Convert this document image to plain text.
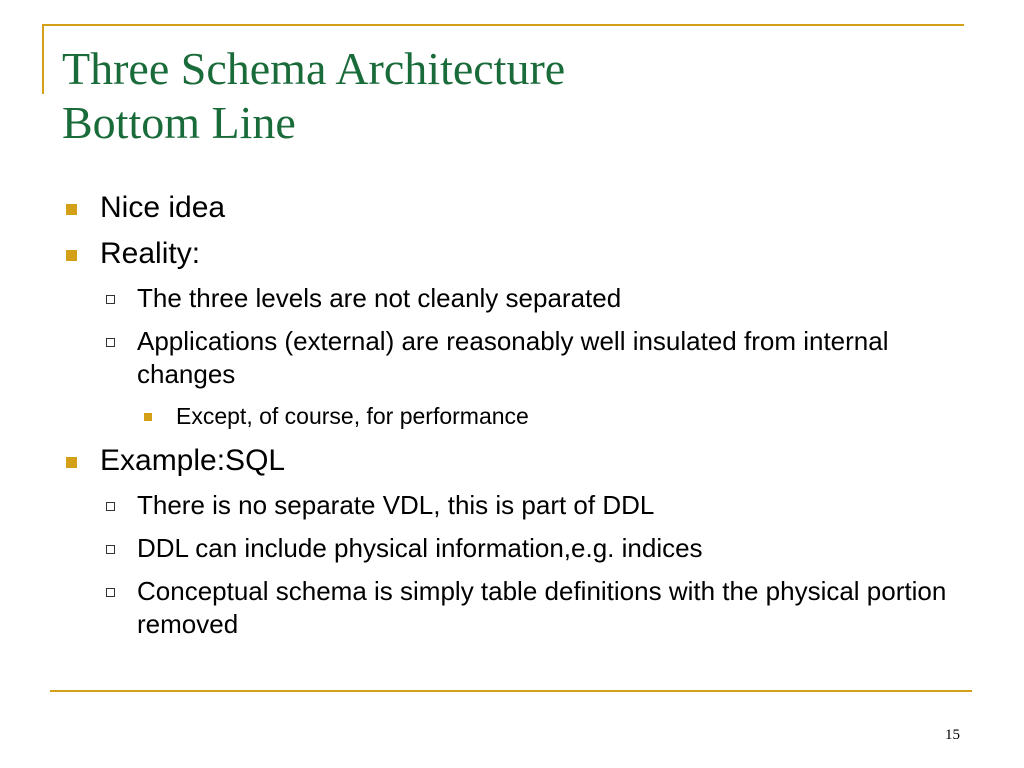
Three Schema Architecture
Bottom Line
Nice idea
Reality:
The three levels are not cleanly separated
Applications (external) are reasonably well insulated from internal changes
Except, of course, for performance
Example:SQL
There is no separate VDL, this is part of DDL
DDL can include physical information,e.g. indices
Conceptual schema is simply table definitions with the physical portion removed
15
